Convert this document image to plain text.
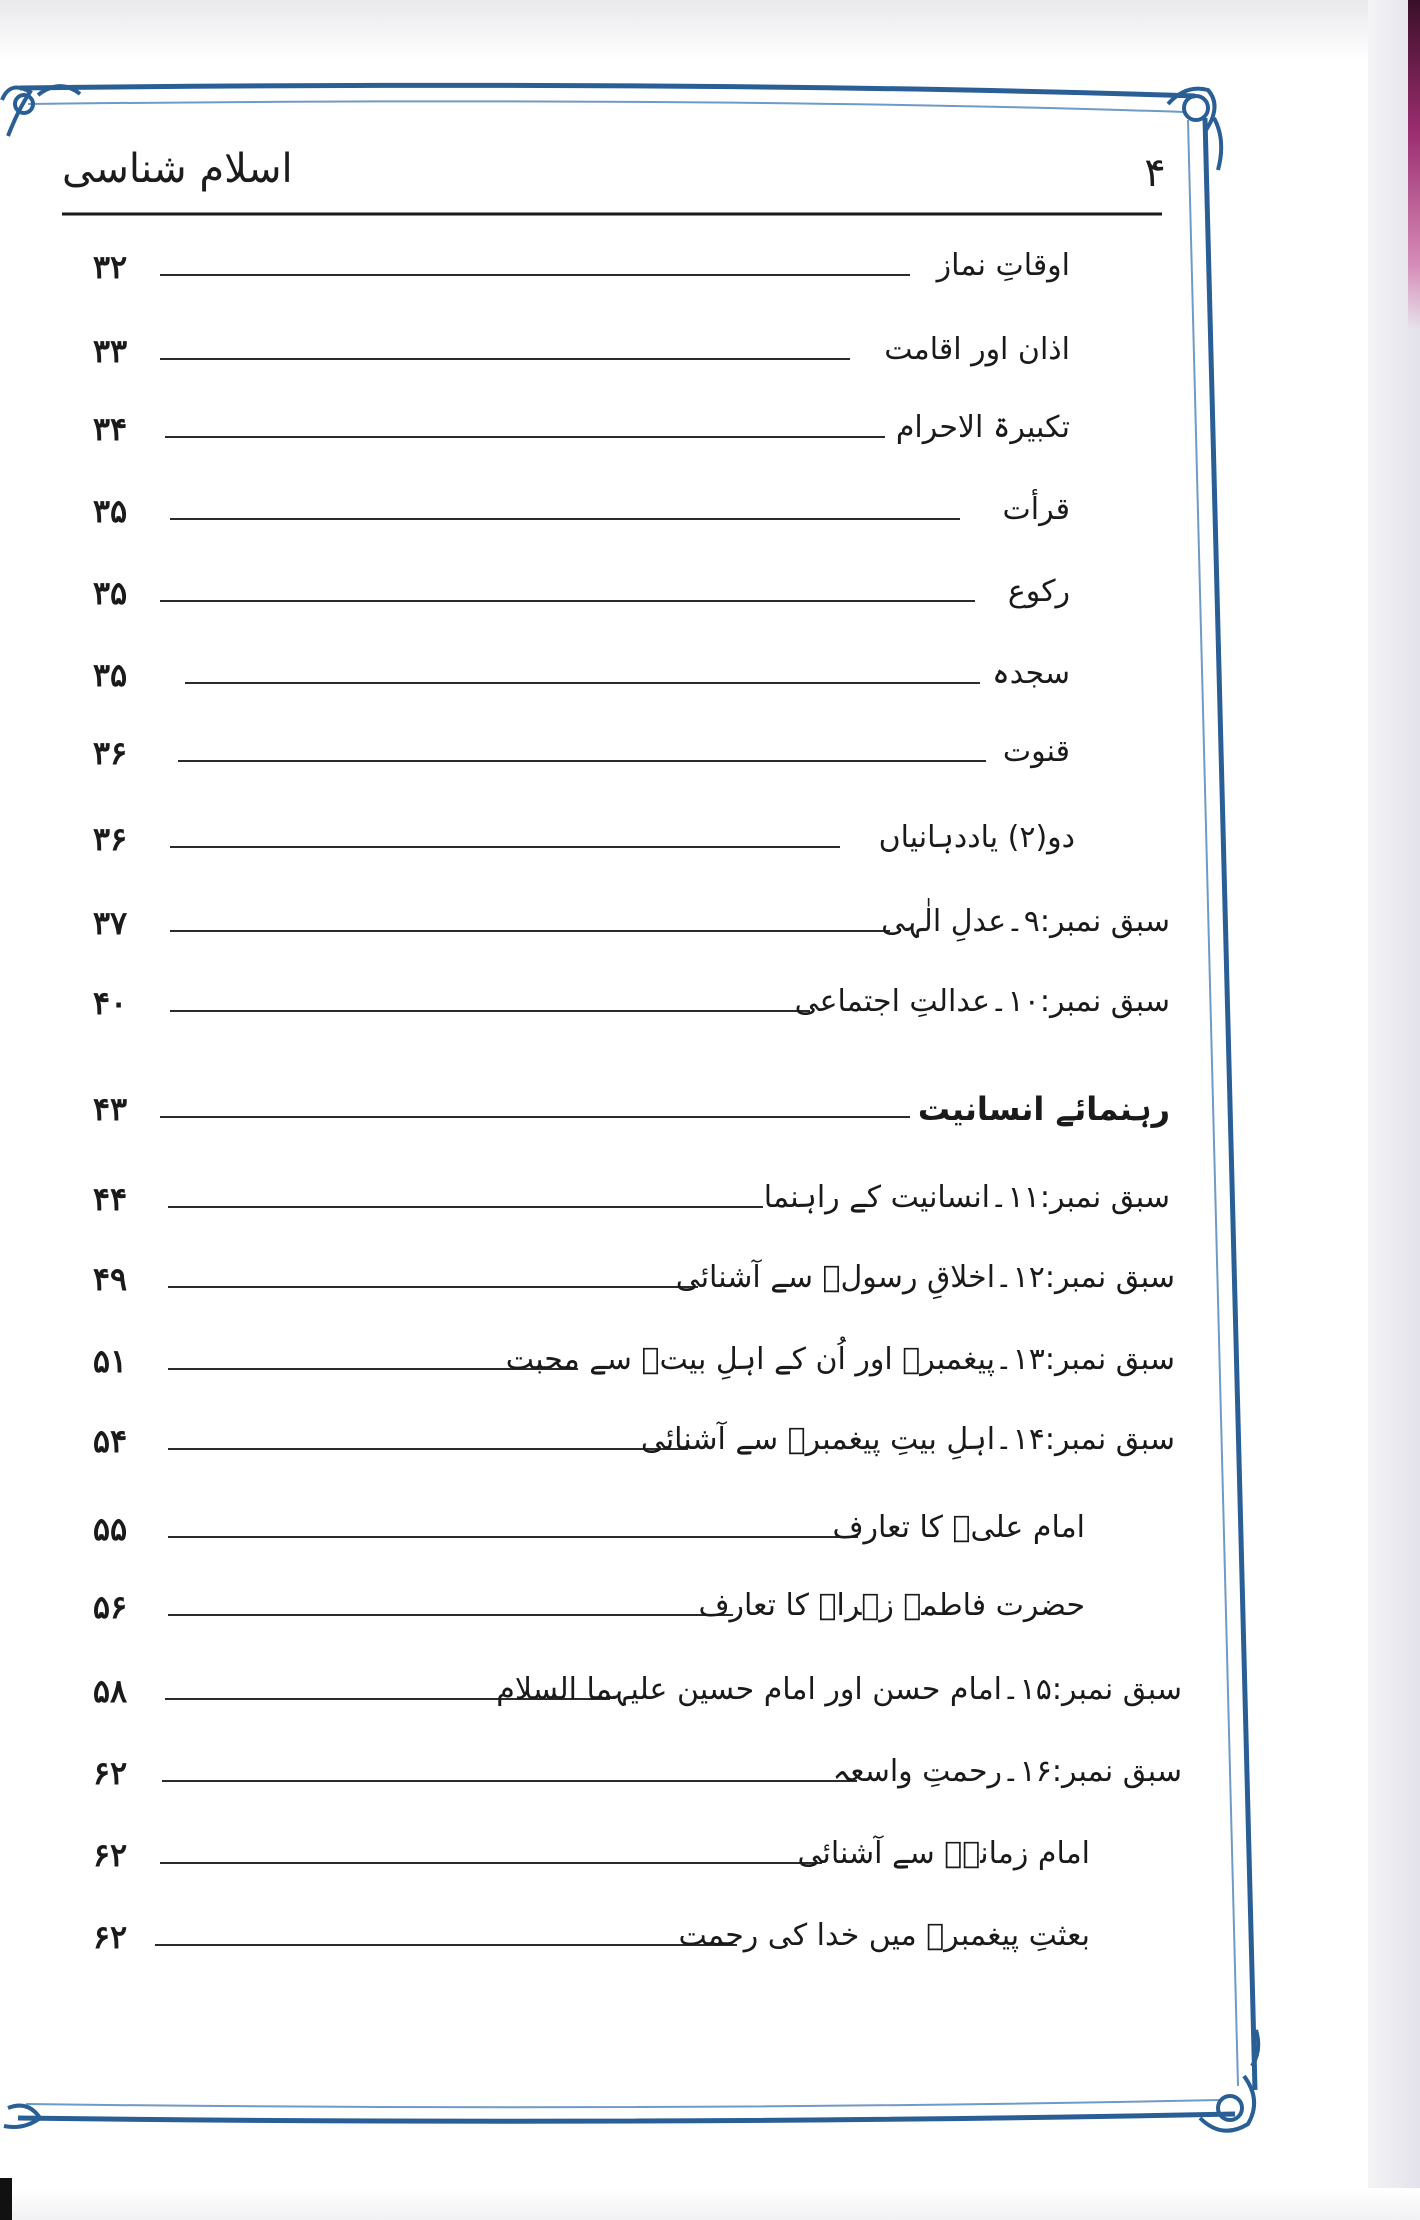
۴
اسلام شناسی
۳۲	اوقاتِ نماز
۳۳	اذان اور اقامت
۳۴	تکبیرۃ الاحرام
۳۵	قرأت
۳۵	رکوع
۳۵	سجدہ
۳۶	قنوت
۳۶	دو(۲) یاددہانیاں
۳۷	سبق نمبر:۹۔عدلِ الٰہی
۴۰	سبق نمبر:۱۰۔عدالتِ اجتماعی
۴۳	رہنمائے انسانیت
۴۴	سبق نمبر:۱۱۔انسانیت کے راہنما
۴۹	سبق نمبر:۱۲۔اخلاقِ رسولؐ سے آشنائی
۵۱	سبق نمبر:۱۳۔پیغمبرؐ اور اُن کے اہلِ بیتؑ سے محبت
۵۴	سبق نمبر:۱۴۔اہلِ بیتِ پیغمبرؐ سے آشنائی
۵۵	امام علیؑ کا تعارف
۵۶	حضرت فاطمہ زہراؑ کا تعارف
۵۸	سبق نمبر:۱۵۔امام حسن اور امام حسین علیہما السلام
۶۲	سبق نمبر:۱۶۔رحمتِ واسعہ
۶۲	امام زمانہؑ سے آشنائی
۶۲	بعثتِ پیغمبرؐ میں خدا کی رحمت
